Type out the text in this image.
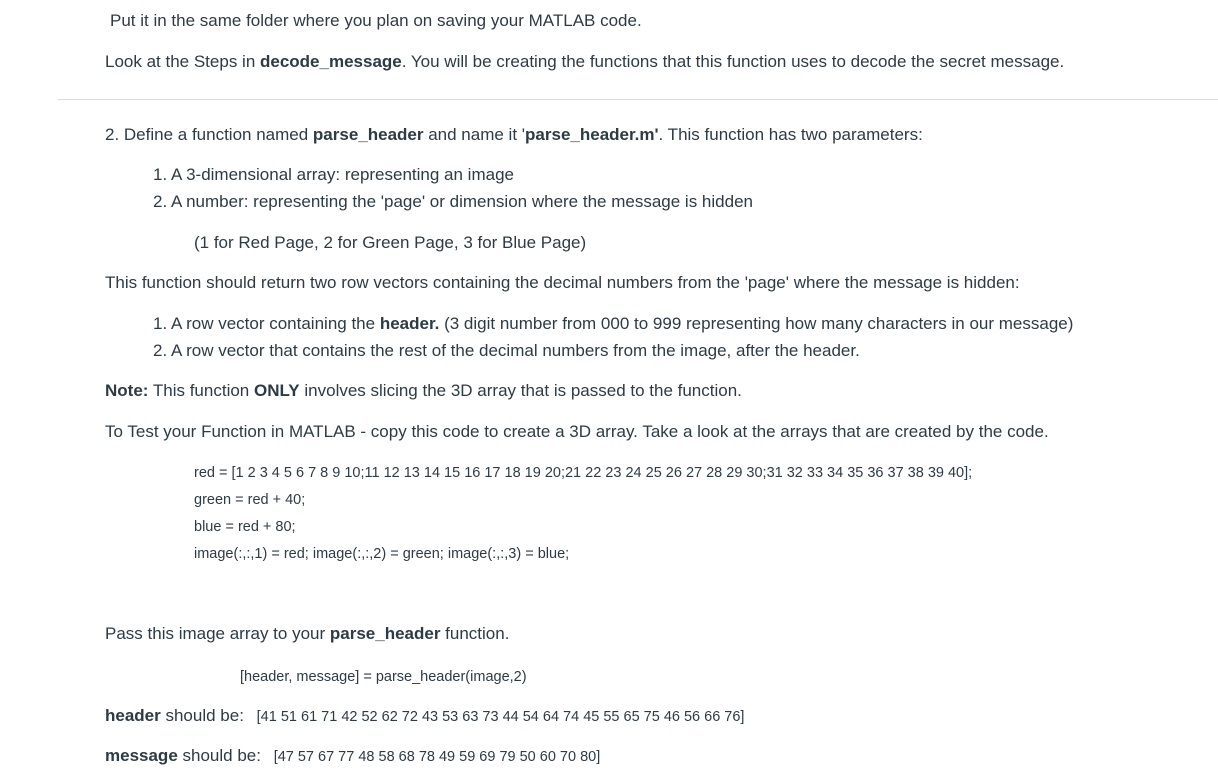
Put it in the same folder where you plan on saving your MATLAB code.
Look at the Steps in decode_message. You will be creating the functions that this function uses to decode the secret message.
2. Define a function named parse_header and name it 'parse_header.m'. This function has two parameters:
1. A 3-dimensional array: representing an image
2. A number: representing the 'page' or dimension where the message is hidden
(1 for Red Page, 2 for Green Page, 3 for Blue Page)
This function should return two row vectors containing the decimal numbers from the 'page' where the message is hidden:
1. A row vector containing the header. (3 digit number from 000 to 999 representing how many characters in our message)
2. A row vector that contains the rest of the decimal numbers from the image, after the header.
Note: This function ONLY involves slicing the 3D array that is passed to the function.
To Test your Function in MATLAB - copy this code to create a 3D array. Take a look at the arrays that are created by the code.
red = [1 2 3 4 5 6 7 8 9 10;11 12 13 14 15 16 17 18 19 20;21 22 23 24 25 26 27 28 29 30;31 32 33 34 35 36 37 38 39 40];
green = red + 40;
blue = red + 80;
image(:,:,1) = red; image(:,:,2) = green; image(:,:,3) = blue;
Pass this image array to your parse_header function.
[header, message] = parse_header(image,2)
header should be: [41 51 61 71 42 52 62 72 43 53 63 73 44 54 64 74 45 55 65 75 46 56 66 76]
message should be: [47 57 67 77 48 58 68 78 49 59 69 79 50 60 70 80]
